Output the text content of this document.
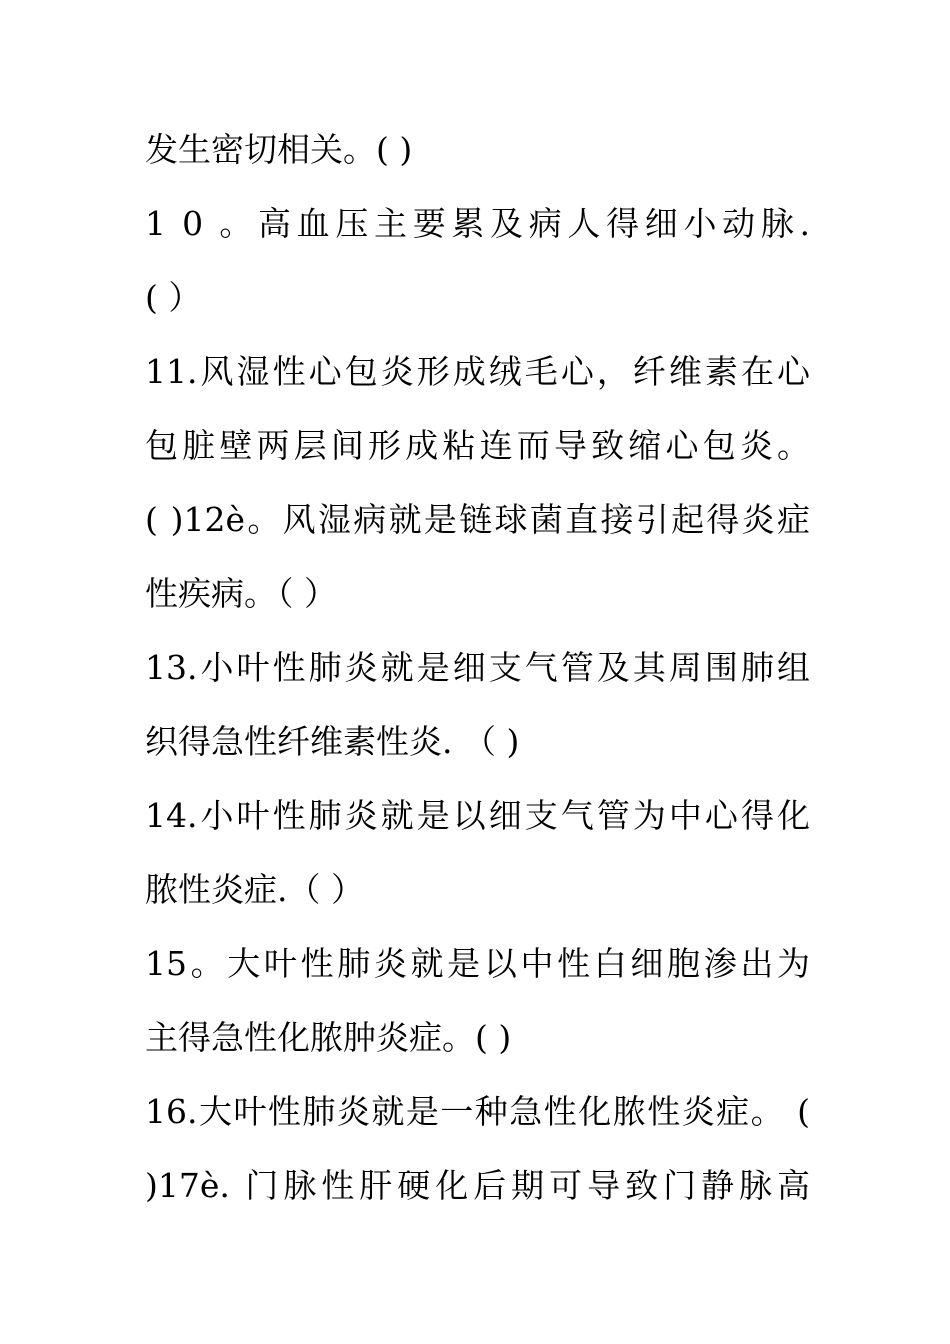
发生密切相关。( )
1 0 。高血压主要累及病人得细小动脉.
( ）
11.风湿性心包炎形成绒毛心，纤维素在心
包脏壁两层间形成粘连而导致缩心包炎。
( )12ѐ。风湿病就是链球菌直接引起得炎症
性疾病。（ ）
13.小叶性肺炎就是细支气管及其周围肺组
织得急性纤维素性炎. （ )
14.小叶性肺炎就是以细支气管为中心得化
脓性炎症.（ ）
15。大叶性肺炎就是以中性白细胞渗出为
主得急性化脓肿炎症。( )
16.大叶性肺炎就是一种急性化脓性炎症。 (
)17ѐ. 门脉性肝硬化后期可导致门静脉高
